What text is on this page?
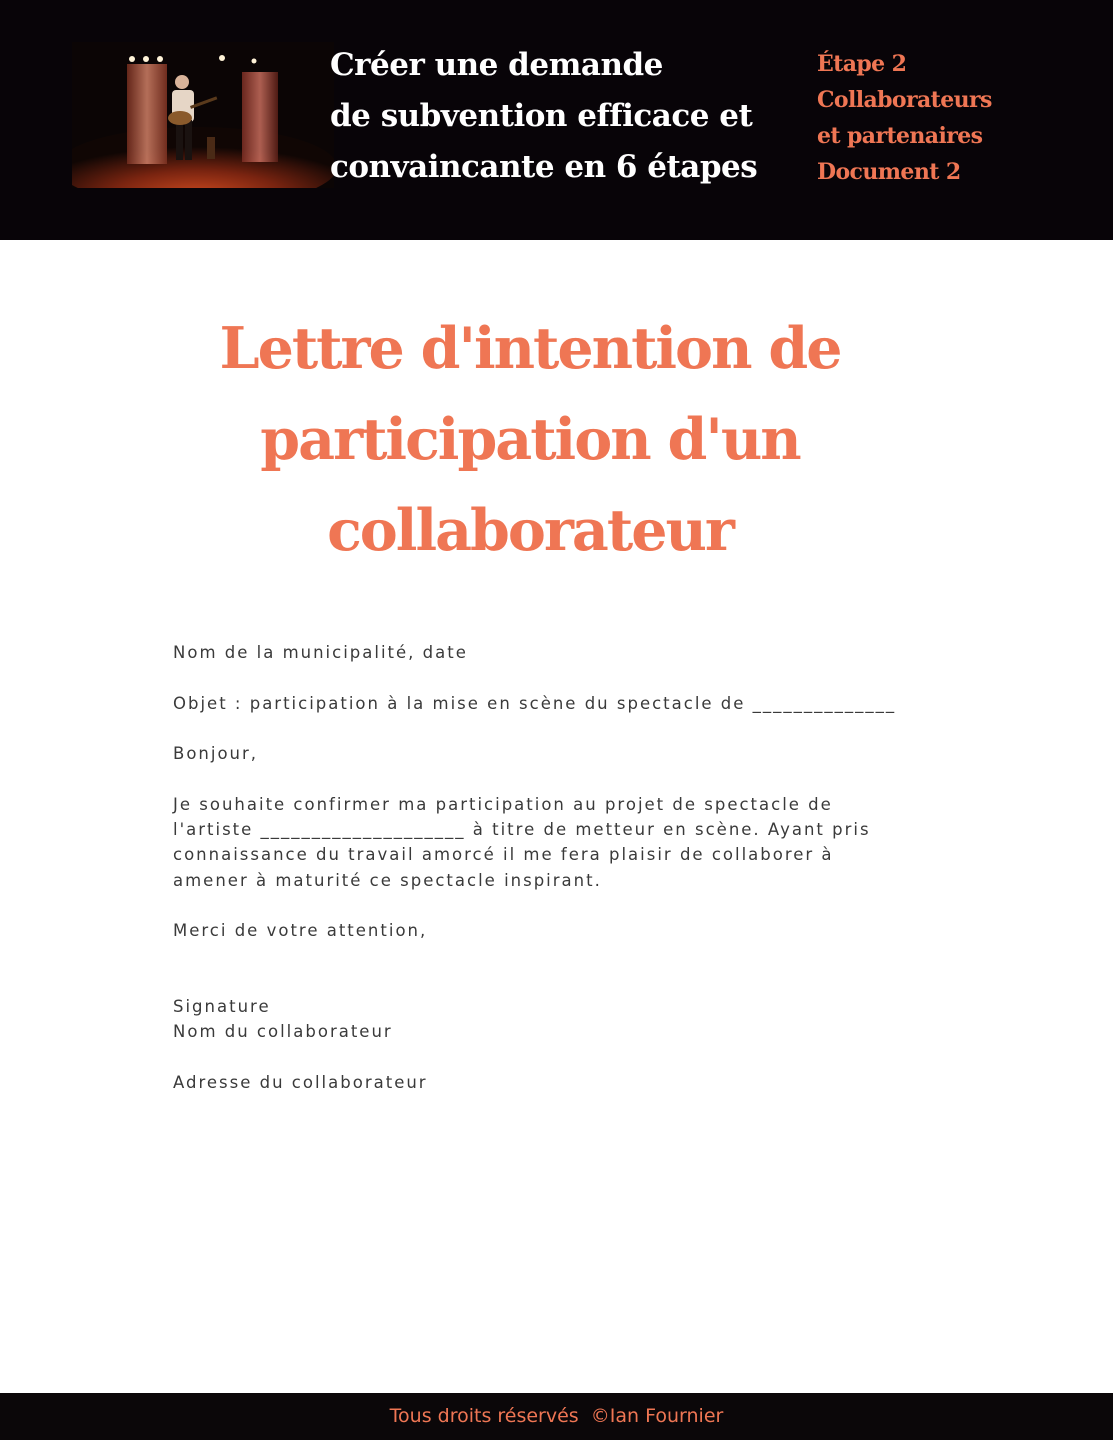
Créer une demande
de subvention efficace et
convaincante en 6 étapes
Étape 2
Collaborateurs
et partenaires
Document 2
Lettre d'intention de
participation d'un
collaborateur
Nom de la municipalité, date
Objet : participation à la mise en scène du spectacle de ______________
Bonjour,
Je souhaite confirmer ma participation au projet de spectacle de
l'artiste ____________________ à titre de metteur en scène. Ayant pris
connaissance du travail amorcé il me fera plaisir de collaborer à
amener à maturité ce spectacle inspirant.
Merci de votre attention,
Signature
Nom du collaborateur
Adresse du collaborateur
Tous droits réservés  ©Ian Fournier
